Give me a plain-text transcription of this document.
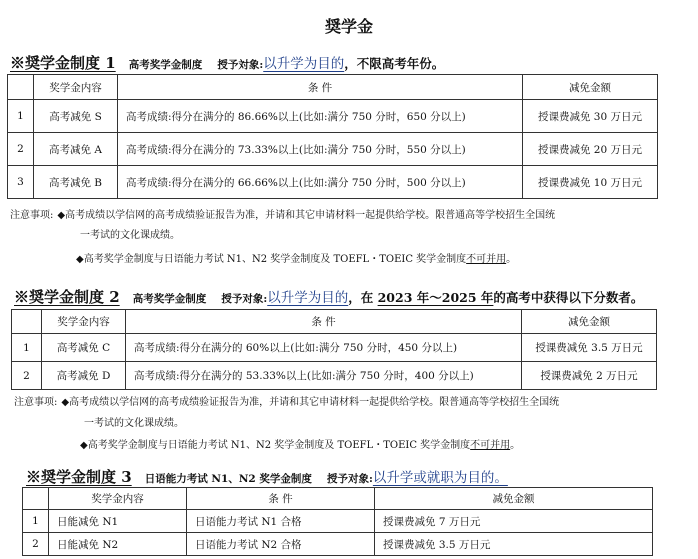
奨学金
※奨学金制度 1 高考奖学金制度 授予対象:以升学为目的，不限高考年份。
	奖学金内容	条 件	减免金额
1	高考减免 S	高考成绩:得分在满分的 86.66%以上(比如:满分 750 分时，650 分以上)	授课费减免 30 万日元
2	高考减免 A	高考成绩:得分在满分的 73.33%以上(比如:满分 750 分时，550 分以上)	授课费减免 20 万日元
3	高考减免 B	高考成绩:得分在满分的 66.66%以上(比如:满分 750 分时，500 分以上)	授课费减免 10 万日元
注意事项: ◆高考成绩以学信网的高考成绩验证报告为准，并请和其它申请材料一起提供给学校。限普通高等学校招生全国统
一考试的文化课成绩。
◆高考奖学金制度与日语能力考试 N1、N2 奖学金制度及 TOEFL・TOEIC 奖学金制度不可并用。
※奨学金制度 2 高考奖学金制度 授予对象:以升学为目的，在 2023 年～2025 年的高考中获得以下分数者。
	奖学金内容	条 件	减免金额
1	高考减免 C	高考成绩:得分在满分的 60%以上(比如:满分 750 分时，450 分以上)	授课费减免 3.5 万日元
2	高考减免 D	高考成绩:得分在满分的 53.33%以上(比如:满分 750 分时，400 分以上)	授课费减免 2 万日元
注意事项: ◆高考成绩以学信网的高考成绩验证报告为准，并请和其它申请材料一起提供给学校。限普通高等学校招生全国统
一考试的文化课成绩。
◆高考奖学金制度与日语能力考试 N1、N2 奖学金制度及 TOEFL・TOEIC 奖学金制度不可并用。
※奨学金制度 3 日语能力考试 N1、N2 奖学金制度 授予对象:以升学或就职为目的。
	奖学金内容	条 件	减免金额
1	日能减免 N1	日语能力考试 N1 合格	授课费减免 7 万日元
2	日能减免 N2	日语能力考试 N2 合格	授课费减免 3.5 万日元
